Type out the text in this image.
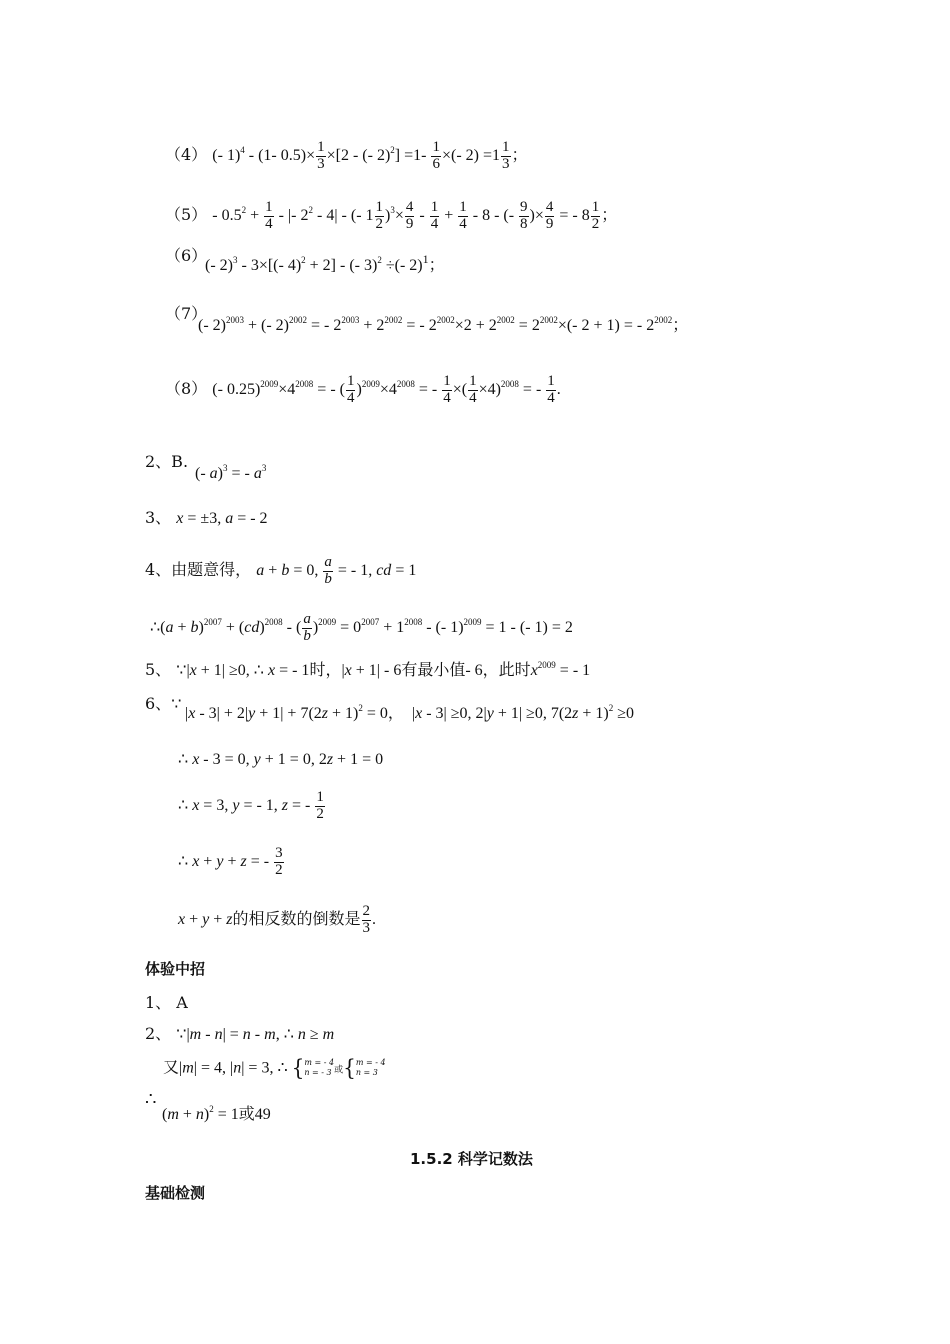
（4） (- 1)$^4$ - (1- $0.5)\times \frac{1}{3} \times[2$ - (- $2)^2] =1- \frac{1}{6}$ ×(- $2) =1 \frac{1}{3}$ ；
$(5) - 0.5^2 + \frac{1}{4}$ - |- $2^2 - 4|$ - (- $1 \frac{1}{2} )^3\times \frac{4}{9} - \frac{1}{4} + \frac{1}{4} - 8$ - (- $\frac{9}{8}$ )× $\frac{4}{9}$ = - $8 \frac{1}{2}$ ；
（6）
(- 2)$^3$ - 3×[(- 4)$^2$ + 2] - (- 3)$^2$ ÷(- 2)$^1$；
（7）
(- 2)$^{2003}$ + (- 2)$^{2002}$ = - $2^{2003} + 2^{2002}$ = - $2^{2002}\times 2 + 2^{2002} = 2^{2002}\times(-$ 2 + 1) = - $2^{2002}$；
（8） (- $0.25)^{2009}\times 4^{2008}$ = - ( $\frac{1}{4} )^{2009}\times 4^{2008}$ = - $\frac{1}{4}$ ×( $\frac{1}{4} \times 4)^{2008}$ = - $\frac{1}{4}$ .
2、B.
(- a)$^3$ = - $a^3$
3、 x = ±3, a = - 2
4、由题意得， a + b = 0, $\frac{a}{b}$ = - 1, cd = 1
∴(a + b)$^{2007}$ + (cd)$^{2008}$ - ( $\frac{a}{b} )^{2009} = 0^{2007} + 1^{2008}$ - (- 1)$^{2009}$ = 1 - (- 1) = 2
5、 ∵|x + 1| ≥0, ∴ x = - 1时，|x + 1| - 6有最小值- 6，此时$x^{2009}$ = - 1
6、∵
$|x - 3| + 2|y + 1| + 7(2z + 1)^2 = 0$，  |x - 3| ≥0, 2|y + 1| ≥0, $7(2z + 1)^2 \ge 0$
∴ x - 3 = 0, y + 1 = 0, 2z + 1 = 0
∴ x = 3, y = - 1, z = - $\frac{1}{2}$
∴ x + y + z = - $\frac{3}{2}$
x + y + z的相反数的倒数是 $\frac{2}{3}$ .
体验中招
1、 A
2、 ∵|m - n| = n - m, ∴ n ≥ m
又|m| = 4, |n| = 3, ∴ {m = - 4
n = - 3 或{m = - 4
n = 3
∴
$(m + n)^2 = 1$或49
1.5.2 科学记数法
基础检测
